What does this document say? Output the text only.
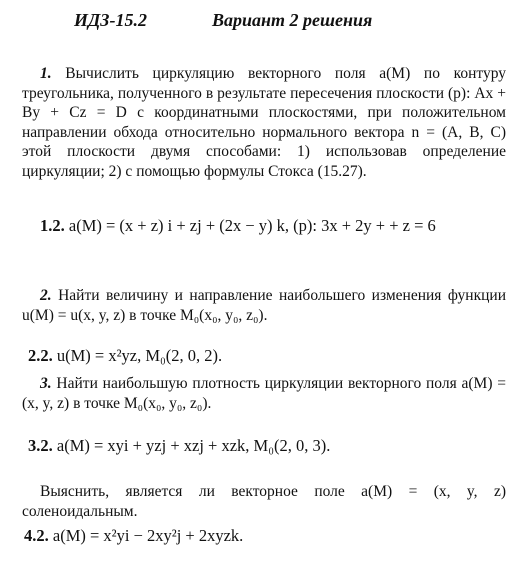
ИДЗ-15.2	Вариант 2 решения
1. Вычислить циркуляцию векторного поля a(M) по контуру треугольника, полученного в результате пересечения плоскости (p): Ax + By + Cz = D с координатными плоскостями, при положительном направлении обхода относительно нормального вектора n = (A, B, C) этой плоскости двумя способами: 1) использовав определение циркуляции; 2) с помощью формулы Стокса (15.27).
1.2. a(M) = (x + z) i + zj + (2x − y) k, (p): 3x + 2y + + z = 6
2. Найти величину и направление наибольшего изменения функции u(M) = u(x, y, z) в точке M₀(x₀, y₀, z₀).
2.2. u(M) = x²yz, M₀(2, 0, 2).
3. Найти наибольшую плотность циркуляции векторного поля a(M) = (x, y, z) в точке M₀(x₀, y₀, z₀).
3.2. a(M) = xyi + yzj + xzj + xzk, M₀(2, 0, 3).
Выяснить, является ли векторное поле a(M) = (x, y, z) соленоидальным.
4.2. a(M) = x²yi − 2xy²j + 2xyzk.
